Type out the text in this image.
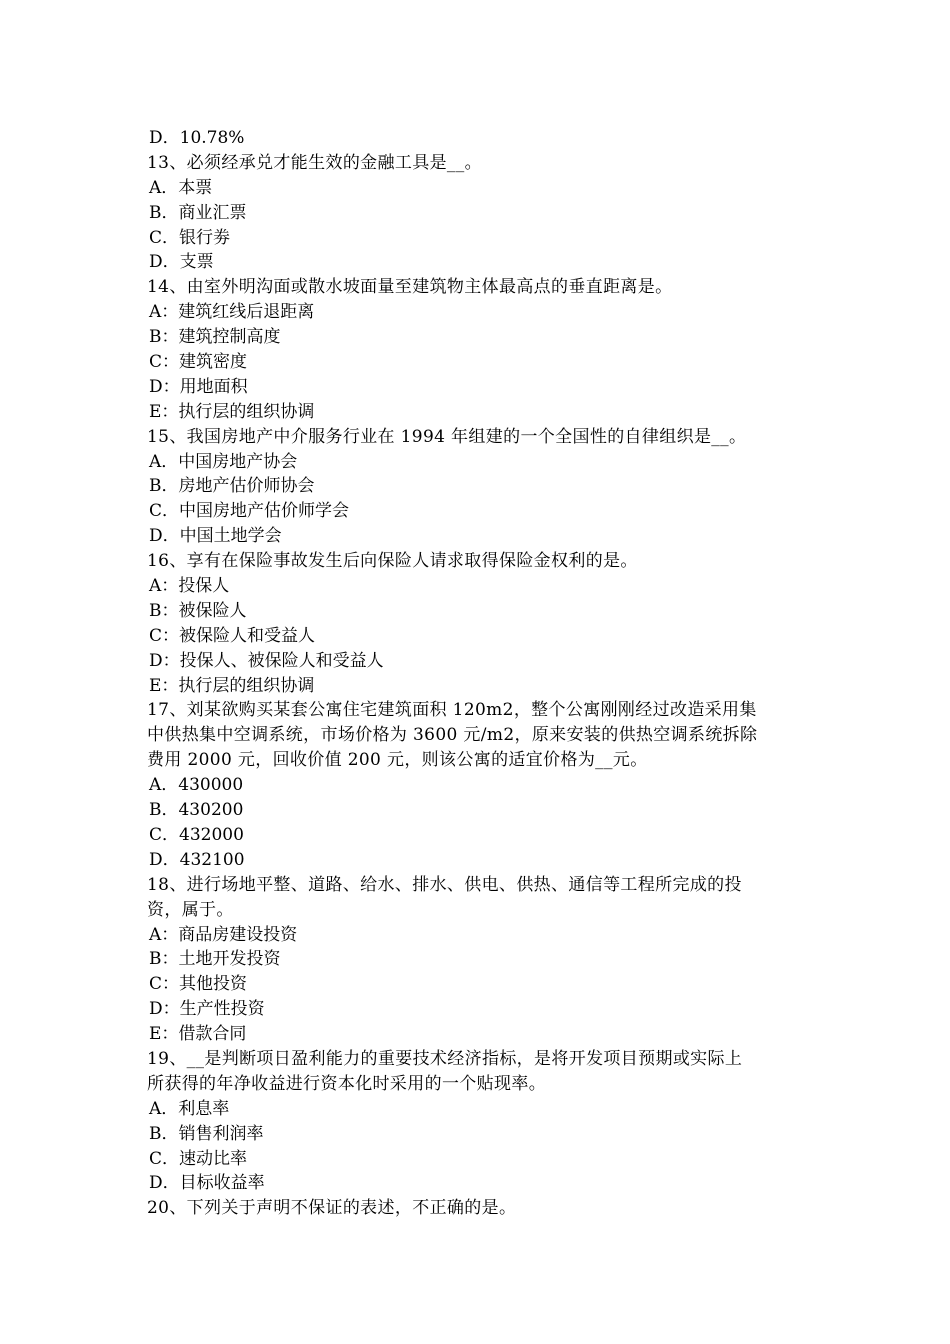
D．10.78%
13、必须经承兑才能生效的金融工具是__。
A．本票
B．商业汇票
C．银行劵
D．支票
14、由室外明沟面或散水坡面量至建筑物主体最高点的垂直距离是。
A：建筑红线后退距离
B：建筑控制高度
C：建筑密度
D：用地面积
E：执行层的组织协调
15、我国房地产中介服务行业在 1994 年组建的一个全国性的自律组织是__。
A．中国房地产协会
B．房地产估价师协会
C．中国房地产估价师学会
D．中国土地学会
16、享有在保险事故发生后向保险人请求取得保险金权利的是。
A：投保人
B：被保险人
C：被保险人和受益人
D：投保人、被保险人和受益人
E：执行层的组织协调
17、刘某欲购买某套公寓住宅建筑面积 120m2，整个公寓刚刚经过改造采用集
中供热集中空调系统，市场价格为 3600 元/m2，原来安装的供热空调系统拆除
费用 2000 元，回收价值 200 元，则该公寓的适宜价格为__元。
A．430000
B．430200
C．432000
D．432100
18、进行场地平整、道路、给水、排水、供电、供热、通信等工程所完成的投
资，属于。
A：商品房建设投资
B：土地开发投资
C：其他投资
D：生产性投资
E：借款合同
19、__是判断项日盈利能力的重要技术经济指标，是将开发项目预期或实际上
所获得的年净收益进行资本化时采用的一个贴现率。
A．利息率
B．销售利润率
C．速动比率
D．目标收益率
20、下列关于声明不保证的表述，不正确的是。
